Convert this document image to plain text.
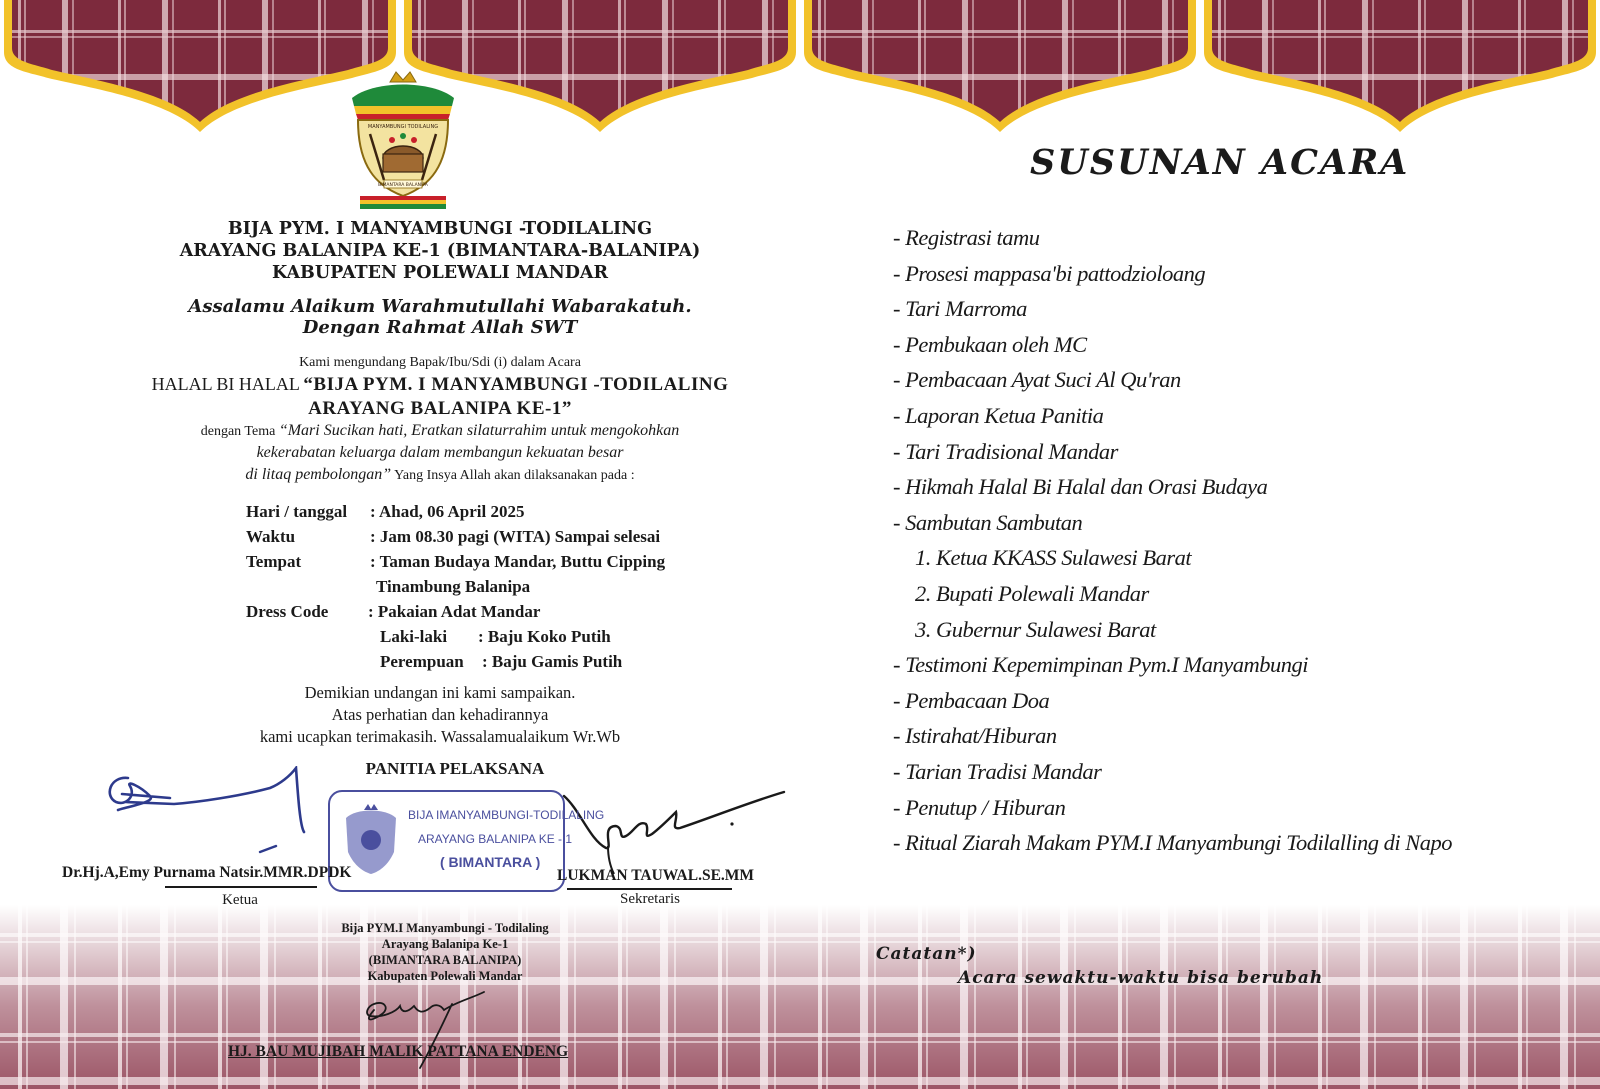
MANYAMBUNGI TODILALING
BIMANTARA BALANIPA
BIJA PYM. I MANYAMBUNGI -TODILALING
ARAYANG BALANIPA KE-1 (BIMANTARA-BALANIPA)
KABUPATEN POLEWALI MANDAR
Assalamu Alaikum Warahmutullahi Wabarakatuh.
Dengan Rahmat Allah SWT
Kami mengundang Bapak/Ibu/Sdi (i) dalam Acara
HALAL BI HALAL “BIJA PYM. I MANYAMBUNGI -TODILALING
ARAYANG BALANIPA KE-1”
dengan Tema “Mari Sucikan hati, Eratkan silaturrahim untuk mengokohkan
kekerabatan keluarga dalam membangun kekuatan besar
di litaq pembolongan” Yang Insya Allah akan dilaksanakan pada :
Hari / tanggal : Ahad, 06 April 2025
Waktu	: Jam 08.30 pagi (WITA) Sampai selesai
Tempat	: Taman Budaya Mandar, Buttu Cipping
Tinambung Balanipa
Dress Code : Pakaian Adat Mandar
Laki-laki : Baju Koko Putih
Perempuan : Baju Gamis Putih
Demikian undangan ini kami sampaikan.
Atas perhatian dan kehadirannya
kami ucapkan terimakasih. Wassalamualaikum Wr.Wb
PANITIA PELAKSANA
BIJA IMANYAMBUNGI-TODILALING
ARAYANG BALANIPA KE - 1
( BIMANTARA )
Dr.Hj.A,Emy Purnama Natsir.MMR.DPDK
Ketua
LUKMAN TAUWAL.SE.MM
Sekretaris
Bija PYM.I Manyambungi - Todilaling
Arayang Balanipa Ke-1
(BIMANTARA BALANIPA)
Kabupaten Polewali Mandar
HJ. BAU MUJIBAH MALIK PATTANA ENDENG
SUSUNAN ACARA
- Registrasi tamu
- Prosesi mappasa'bi pattodzioloang
- Tari Marroma
- Pembukaan oleh MC
- Pembacaan Ayat Suci Al Qu'ran
- Laporan Ketua Panitia
- Tari Tradisional Mandar
- Hikmah Halal Bi Halal dan Orasi Budaya
- Sambutan Sambutan
1. Ketua KKASS Sulawesi Barat
2. Bupati Polewali Mandar
3. Gubernur Sulawesi Barat
- Testimoni Kepemimpinan Pym.I Manyambungi
- Pembacaan Doa
- Istirahat/Hiburan
- Tarian Tradisi Mandar
- Penutup / Hiburan
- Ritual Ziarah Makam PYM.I Manyambungi Todilalling di Napo
Catatan*)
Acara sewaktu-waktu bisa berubah
